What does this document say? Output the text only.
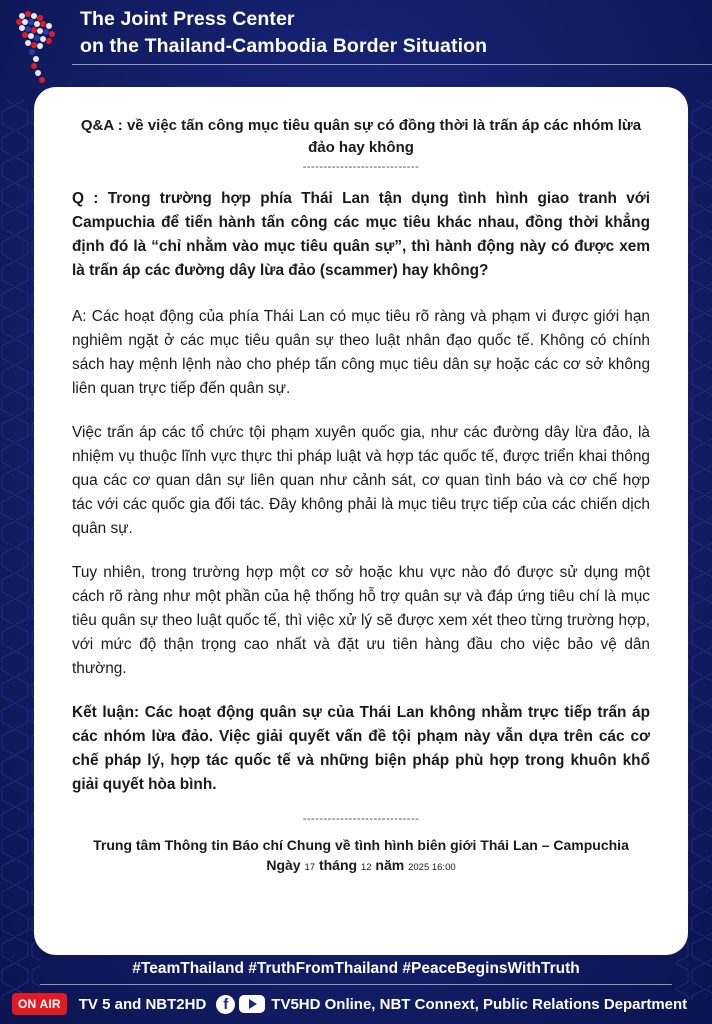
The Joint Press Center
on the Thailand-Cambodia Border Situation

Q&A : về việc tấn công mục tiêu quân sự có đồng thời là trấn áp các nhóm lừa đảo hay không

----------------------------

Q : Trong trường hợp phía Thái Lan tận dụng tình hình giao tranh với Campuchia để tiến hành tấn công các mục tiêu khác nhau, đồng thời khẳng định đó là “chỉ nhằm vào mục tiêu quân sự”, thì hành động này có được xem là trấn áp các đường dây lừa đảo (scammer) hay không?

A: Các hoạt động của phía Thái Lan có mục tiêu rõ ràng và phạm vi được giới hạn nghiêm ngặt ở các mục tiêu quân sự theo luật nhân đạo quốc tế. Không có chính sách hay mệnh lệnh nào cho phép tấn công mục tiêu dân sự hoặc các cơ sở không liên quan trực tiếp đến quân sự.

Việc trấn áp các tổ chức tội phạm xuyên quốc gia, như các đường dây lừa đảo, là nhiệm vụ thuộc lĩnh vực thực thi pháp luật và hợp tác quốc tế, được triển khai thông qua các cơ quan dân sự liên quan như cảnh sát, cơ quan tình báo và cơ chế hợp tác với các quốc gia đối tác. Đây không phải là mục tiêu trực tiếp của các chiến dịch quân sự.

Tuy nhiên, trong trường hợp một cơ sở hoặc khu vực nào đó được sử dụng một cách rõ ràng như một phần của hệ thống hỗ trợ quân sự và đáp ứng tiêu chí là mục tiêu quân sự theo luật quốc tế, thì việc xử lý sẽ được xem xét theo từng trường hợp, với mức độ thận trọng cao nhất và đặt ưu tiên hàng đầu cho việc bảo vệ dân thường.

Kết luận: Các hoạt động quân sự của Thái Lan không nhằm trực tiếp trấn áp các nhóm lừa đảo. Việc giải quyết vấn đề tội phạm này vẫn dựa trên các cơ chế pháp lý, hợp tác quốc tế và những biện pháp phù hợp trong khuôn khổ giải quyết hòa bình.

----------------------------
Trung tâm Thông tin Báo chí Chung về tình hình biên giới Thái Lan – Campuchia
Ngày 17 tháng 12 năm 2025 16:00
#TeamThailand #TruthFromThailand #PeaceBeginsWithTruth
ON AIR	TV 5 and NBT2HD	f	TV5HD Online, NBT Connext, Public Relations Department
